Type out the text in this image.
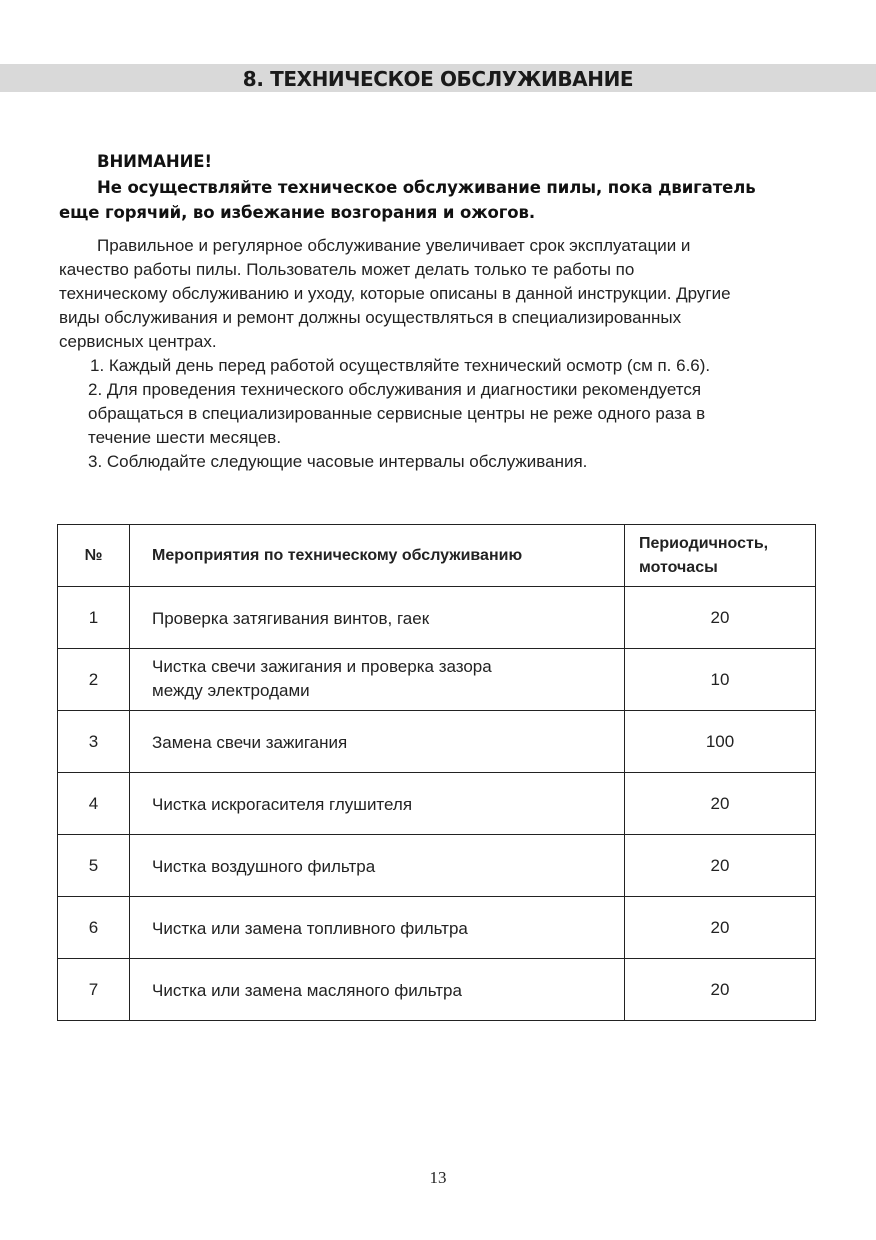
8. ТЕХНИЧЕСКОЕ ОБСЛУЖИВАНИЕ
ВНИМАНИЕ!
Не осуществляйте техническое обслуживание пилы, пока двигатель
еще горячий, во избежание возгорания и ожогов.
Правильное и регулярное обслуживание увеличивает срок эксплуатации и
качество работы пилы. Пользователь может делать только те работы по
техническому обслуживанию и уходу, которые описаны в данной инструкции. Другие
виды обслуживания и ремонт должны осуществляться в специализированных
сервисных центрах.
1. Каждый день перед работой осуществляйте технический осмотр (см п. 6.6).
2. Для проведения технического обслуживания и диагностики рекомендуется
обращаться в специализированные сервисные центры не реже одного раза в
течение шести месяцев.
3. Соблюдайте следующие часовые интервалы обслуживания.
№	Мероприятия по техническому обслуживанию	Периодичность,
моточасы

1	Проверка затягивания винтов, гаек	20
2	Чистка свечи зажигания и проверка зазора
между электродами	10
3	Замена свечи зажигания	100
4	Чистка искрогасителя глушителя	20
5	Чистка воздушного фильтра	20
6	Чистка или замена топливного фильтра	20
7	Чистка или замена масляного фильтра	20
13
